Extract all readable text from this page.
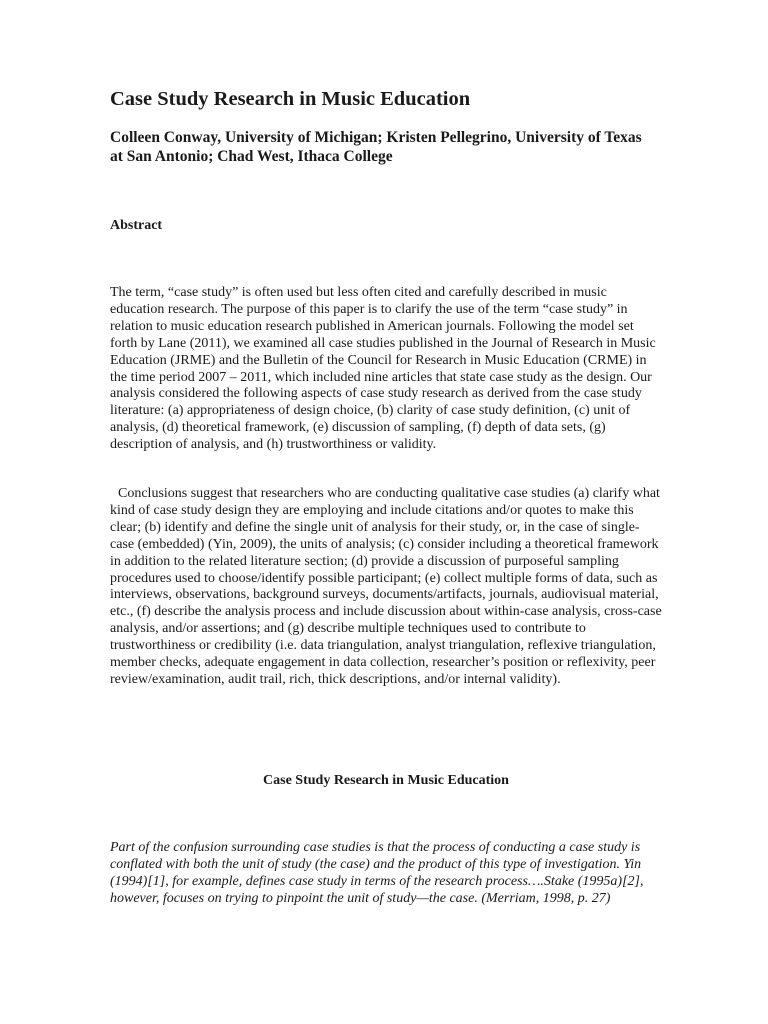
Case Study Research in Music Education

Colleen Conway, University of Michigan; Kristen Pellegrino, University of Texas at San Antonio; Chad West, Ithaca College

Abstract

The term, “case study” is often used but less often cited and carefully described in music education research. The purpose of this paper is to clarify the use of the term “case study” in relation to music education research published in American journals. Following the model set forth by Lane (2011), we examined all case studies published in the Journal of Research in Music Education (JRME) and the Bulletin of the Council for Research in Music Education (CRME) in the time period 2007 – 2011, which included nine articles that state case study as the design. Our analysis considered the following aspects of case study research as derived from the case study literature: (a) appropriateness of design choice, (b) clarity of case study definition, (c) unit of analysis, (d) theoretical framework, (e) discussion of sampling, (f) depth of data sets, (g) description of analysis, and (h) trustworthiness or validity.

Conclusions suggest that researchers who are conducting qualitative case studies (a) clarify what kind of case study design they are employing and include citations and/or quotes to make this clear; (b) identify and define the single unit of analysis for their study, or, in the case of single-case (embedded) (Yin, 2009), the units of analysis; (c) consider including a theoretical framework in addition to the related literature section; (d) provide a discussion of purposeful sampling procedures used to choose/identify possible participant; (e) collect multiple forms of data, such as interviews, observations, background surveys, documents/artifacts, journals, audiovisual material, etc., (f) describe the analysis process and include discussion about within-case analysis, cross-case analysis, and/or assertions; and (g) describe multiple techniques used to contribute to trustworthiness or credibility (i.e. data triangulation, analyst triangulation, reflexive triangulation, member checks, adequate engagement in data collection, researcher’s position or reflexivity, peer review/examination, audit trail, rich, thick descriptions, and/or internal validity).

Case Study Research in Music Education

Part of the confusion surrounding case studies is that the process of conducting a case study is conflated with both the unit of study (the case) and the product of this type of investigation. Yin (1994)[1], for example, defines case study in terms of the research process….Stake (1995a)[2], however, focuses on trying to pinpoint the unit of study—the case. (Merriam, 1998, p. 27)
